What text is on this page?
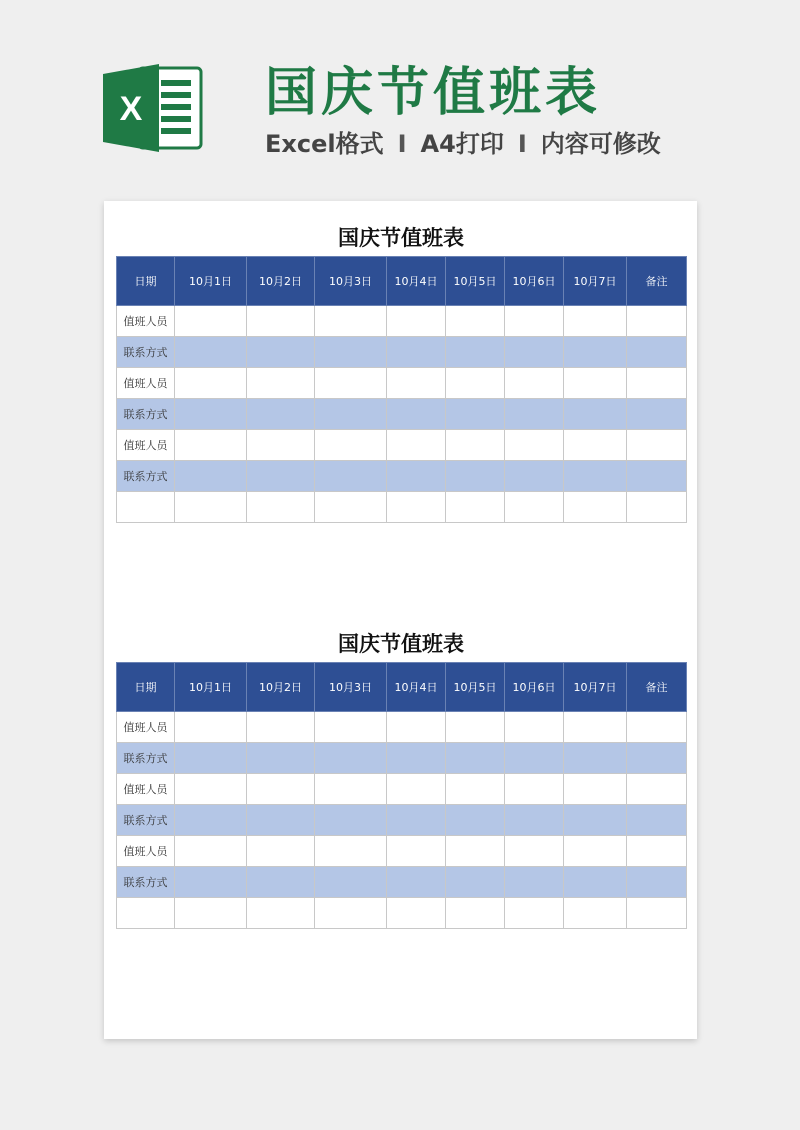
X 国庆节值班表
Excel格式 I A4打印 I 内容可修改
国庆节值班表
日期	10月1日	10月2日	10月3日	10月4日	10月5日	10月6日	10月7日	备注
值班人员								
联系方式								
值班人员								
联系方式								
值班人员								
联系方式								

国庆节值班表
日期	10月1日	10月2日	10月3日	10月4日	10月5日	10月6日	10月7日	备注
值班人员								
联系方式								
值班人员								
联系方式								
值班人员								
联系方式								
